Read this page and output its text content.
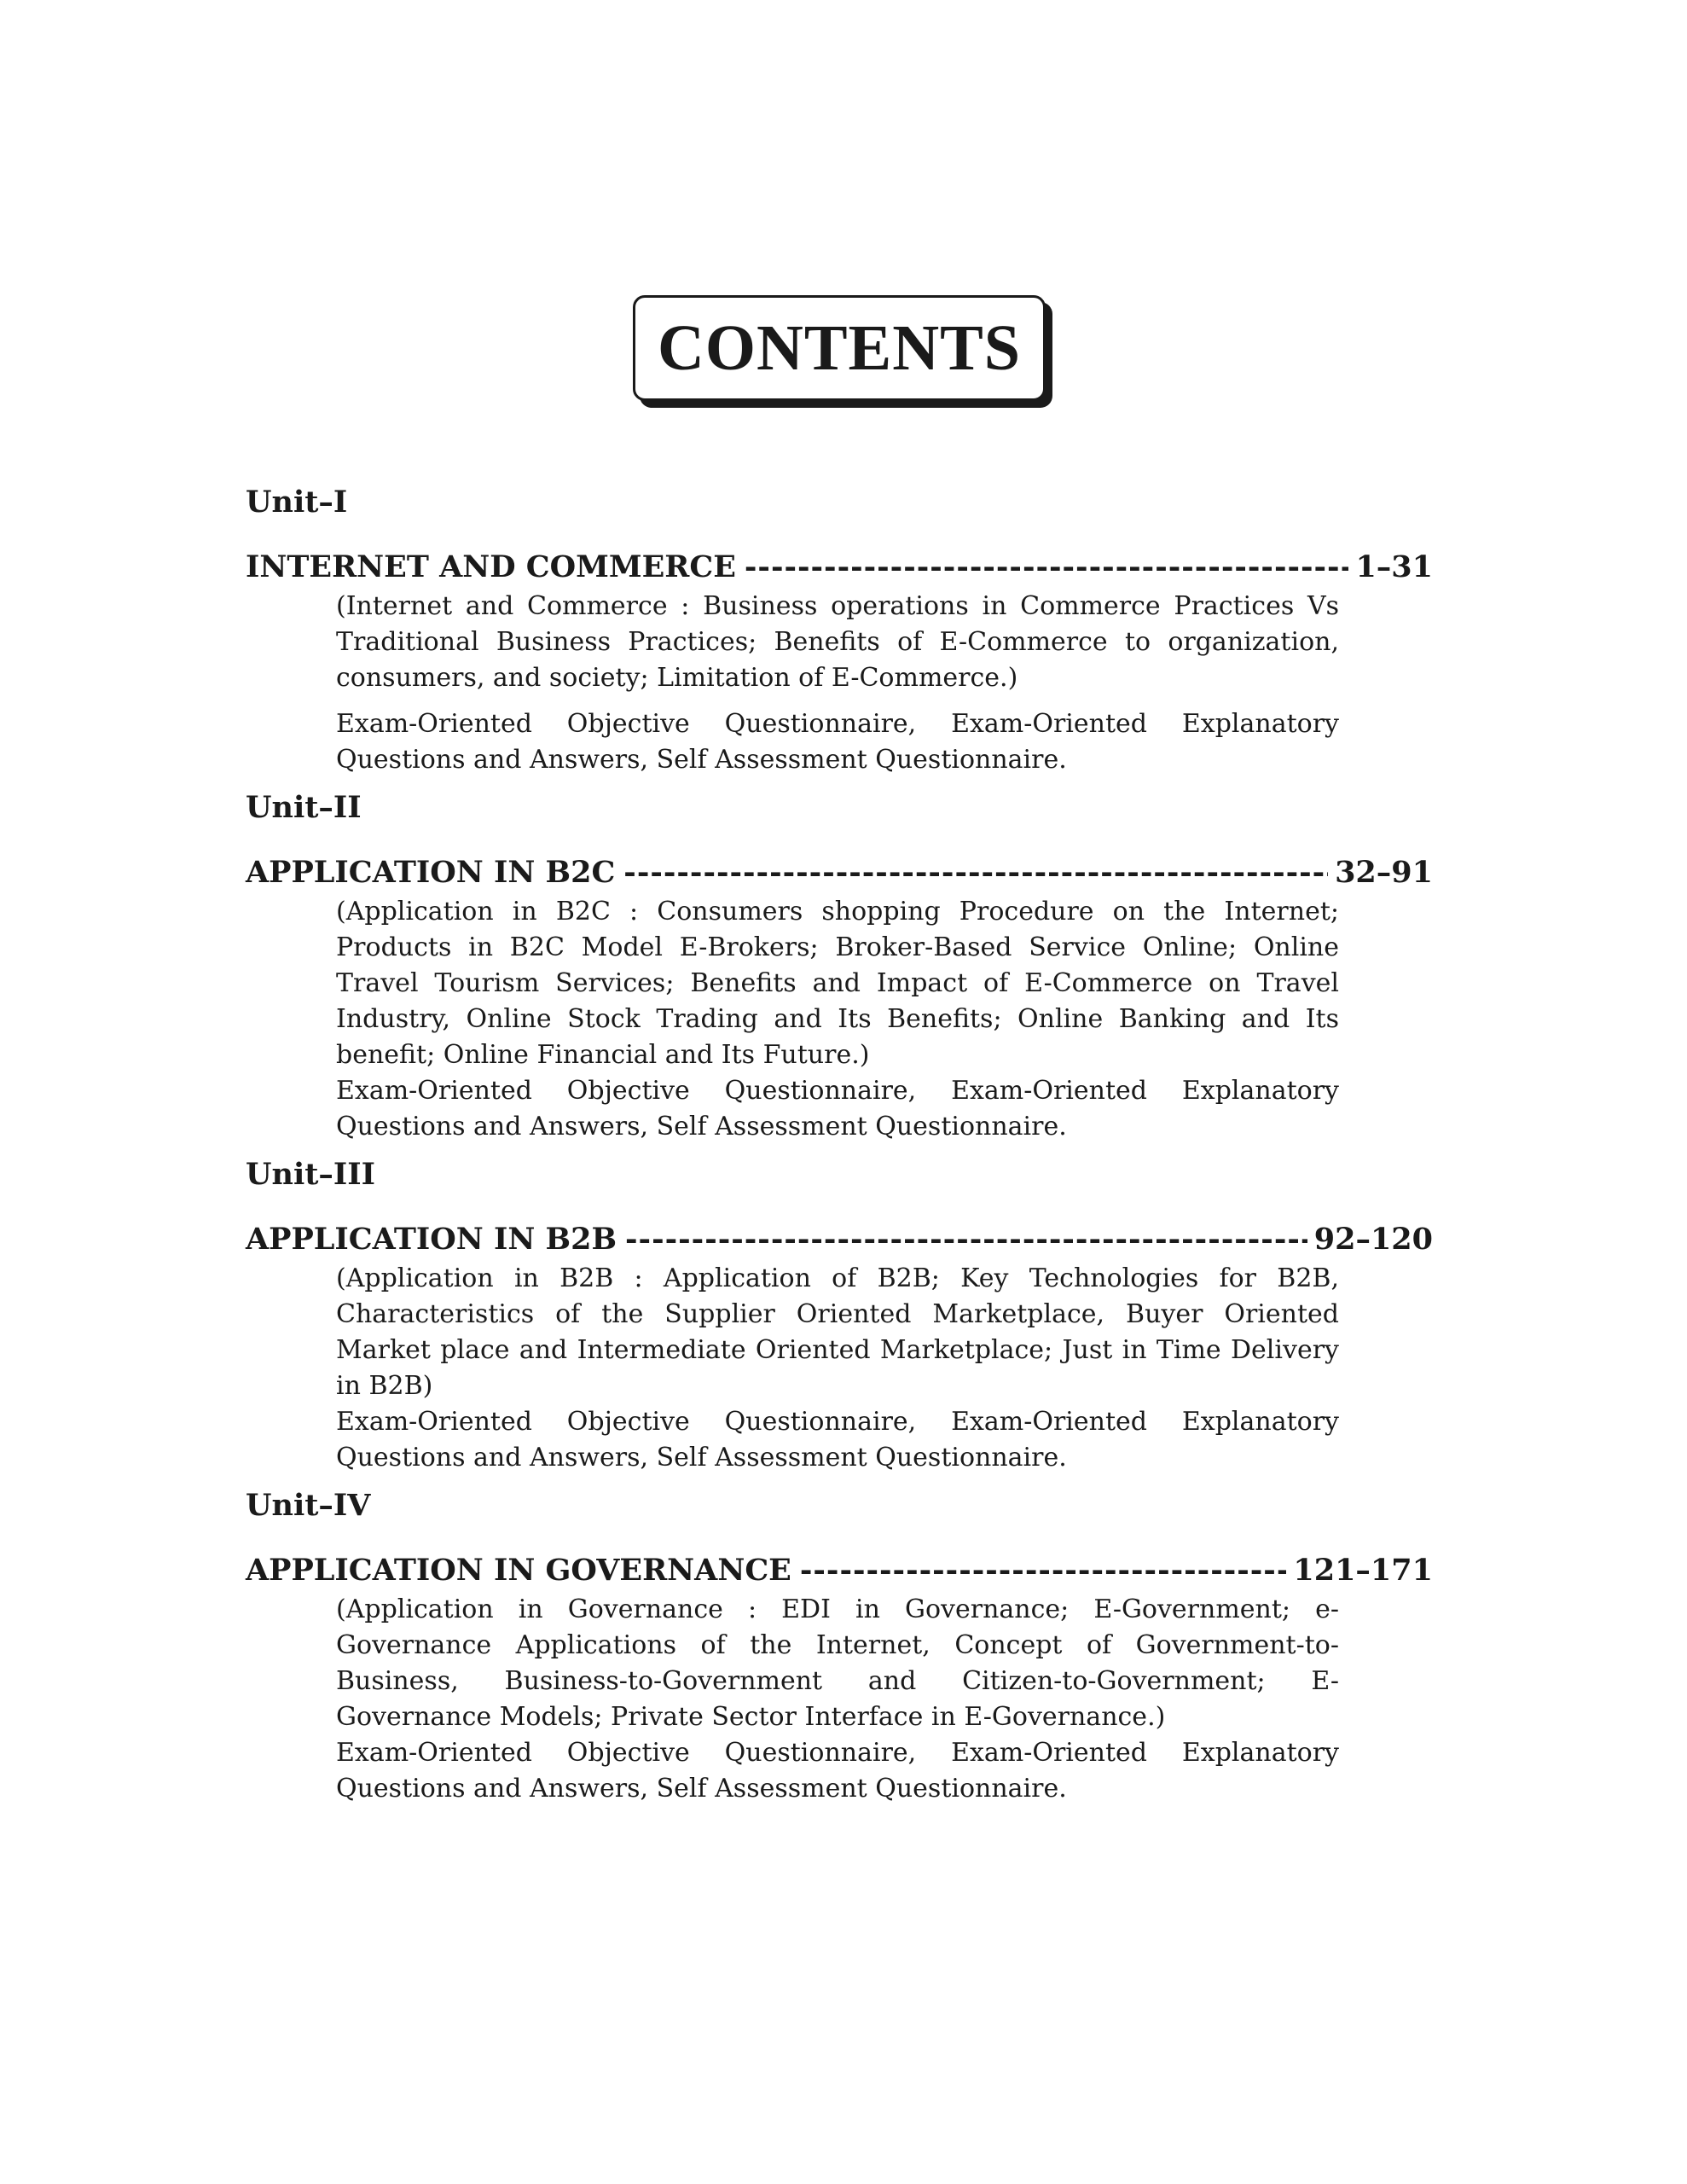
CONTENTS
Unit–I
INTERNET AND COMMERCE -----	1–31
(Internet and Commerce : Business operations in Commerce Practices Vs Traditional Business Practices; Benefits of E-Commerce to organization, consumers, and society; Limitation of E-Commerce.)
Exam-Oriented Objective Questionnaire, Exam-Oriented Explanatory Questions and Answers, Self Assessment Questionnaire.
Unit–II
APPLICATION IN B2C -----	32–91
(Application in B2C : Consumers shopping Procedure on the Internet; Products in B2C Model E-Brokers; Broker-Based Service Online; Online Travel Tourism Services; Benefits and Impact of E-Commerce on Travel Industry, Online Stock Trading and Its Benefits; Online Banking and Its benefit; Online Financial and Its Future.)
Exam-Oriented Objective Questionnaire, Exam-Oriented Explanatory Questions and Answers, Self Assessment Questionnaire.
Unit–III
APPLICATION IN B2B -----	92–120
(Application in B2B : Application of B2B; Key Technologies for B2B, Characteristics of the Supplier Oriented Marketplace, Buyer Oriented Market place and Intermediate Oriented Marketplace; Just in Time Delivery in B2B)
Exam-Oriented Objective Questionnaire, Exam-Oriented Explanatory Questions and Answers, Self Assessment Questionnaire.
Unit–IV
APPLICATION IN GOVERNANCE -----	121–171
(Application in Governance : EDI in Governance; E-Government; e-Governance Applications of the Internet, Concept of Government-to-Business, Business-to-Government and Citizen-to-Government; E-Governance Models; Private Sector Interface in E-Governance.)
Exam-Oriented Objective Questionnaire, Exam-Oriented Explanatory Questions and Answers, Self Assessment Questionnaire.
